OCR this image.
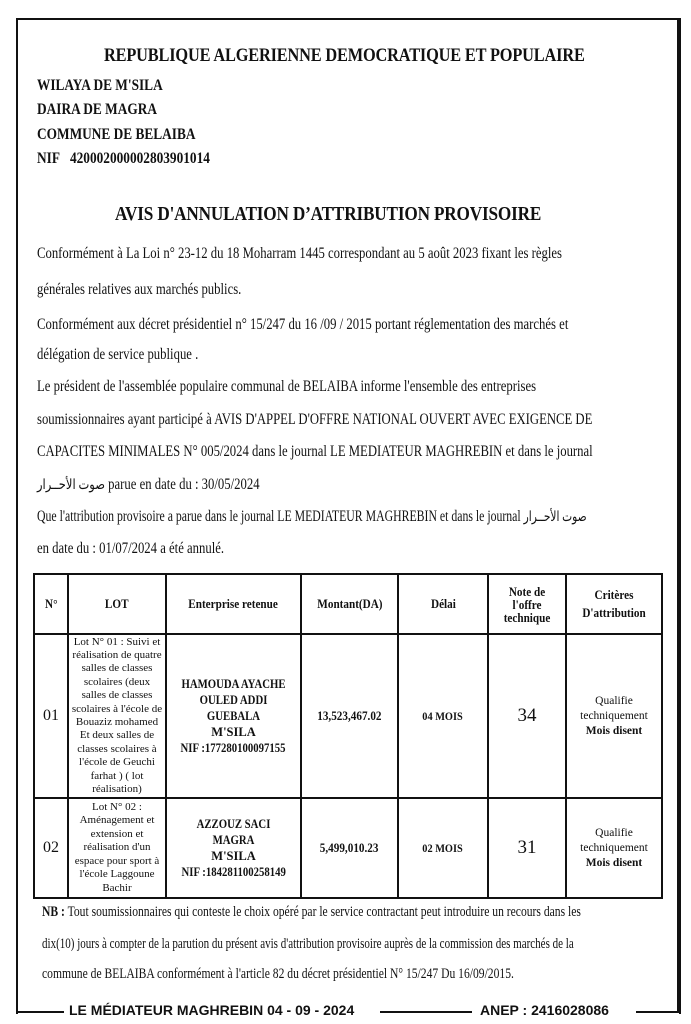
REPUBLIQUE ALGERIENNE DEMOCRATIQUE ET POPULAIRE
WILAYA DE M'SILA
DAIRA DE MAGRA
COMMUNE DE BELAIBA
NIF 420002000002803901014
AVIS D'ANNULATION D’ATTRIBUTION PROVISOIRE
Conformément à La Loi n° 23-12 du 18 Moharram 1445 correspondant au 5 août 2023 fixant les règles
générales relatives aux marchés publics.
Conformément aux décret présidentiel n° 15/247 du 16 /09 / 2015 portant réglementation des marchés et
délégation de service publique .
Le président de l'assemblée populaire communal de BELAIBA informe l'ensemble des entreprises
soumissionnaires ayant participé à AVIS D'APPEL D'OFFRE NATIONAL OUVERT AVEC EXIGENCE DE
CAPACITES MINIMALES N° 005/2024 dans le journal LE MEDIATEUR MAGHREBIN et dans le journal
صوت الأحــرار parue en date du : 30/05/2024
Que l'attribution provisoire a parue dans le journal LE MEDIATEUR MAGHREBIN et dans le journal صوت الأحــرار
en date du : 01/07/2024 a été annulé.
N°	LOT	Enterprise retenue	Montant(DA)	Délai	Note de l'offre technique	Critères D'attribution
01	Lot N° 01 : Suivi et réalisation de quatre salles de classes scolaires (deux salles de classes scolaires à l'école de Bouaziz mohamed Et deux salles de classes scolaires à l'école de Geuchi farhat ) ( lot réalisation)	HAMOUDA AYACHE OULED ADDI GUEBALA
M'SILA
NIF :177280100097155	13,523,467.02	04 MOIS	34	
Qualifie techniquement
Mois disent
02	Lot N° 02 : Aménagement et extension et réalisation d'un espace pour sport à l'école Laggoune Bachir	AZZOUZ SACI MAGRA
M'SILA
NIF :184281100258149	5,499,010.23	02 MOIS	31	
Qualifie techniquement
Mois disent
NB : Tout soumissionnaires qui conteste le choix opéré par le service contractant peut introduire un recours dans les
dix(10) jours à compter de la parution du présent avis d'attribution provisoire auprès de la commission des marchés de la
commune de BELAIBA conformément à l'article 82 du décret présidentiel N° 15/247 Du 16/09/2015.
LE MÉDIATEUR MAGHREBIN 04 - 09 - 2024	ANEP : 2416028086
